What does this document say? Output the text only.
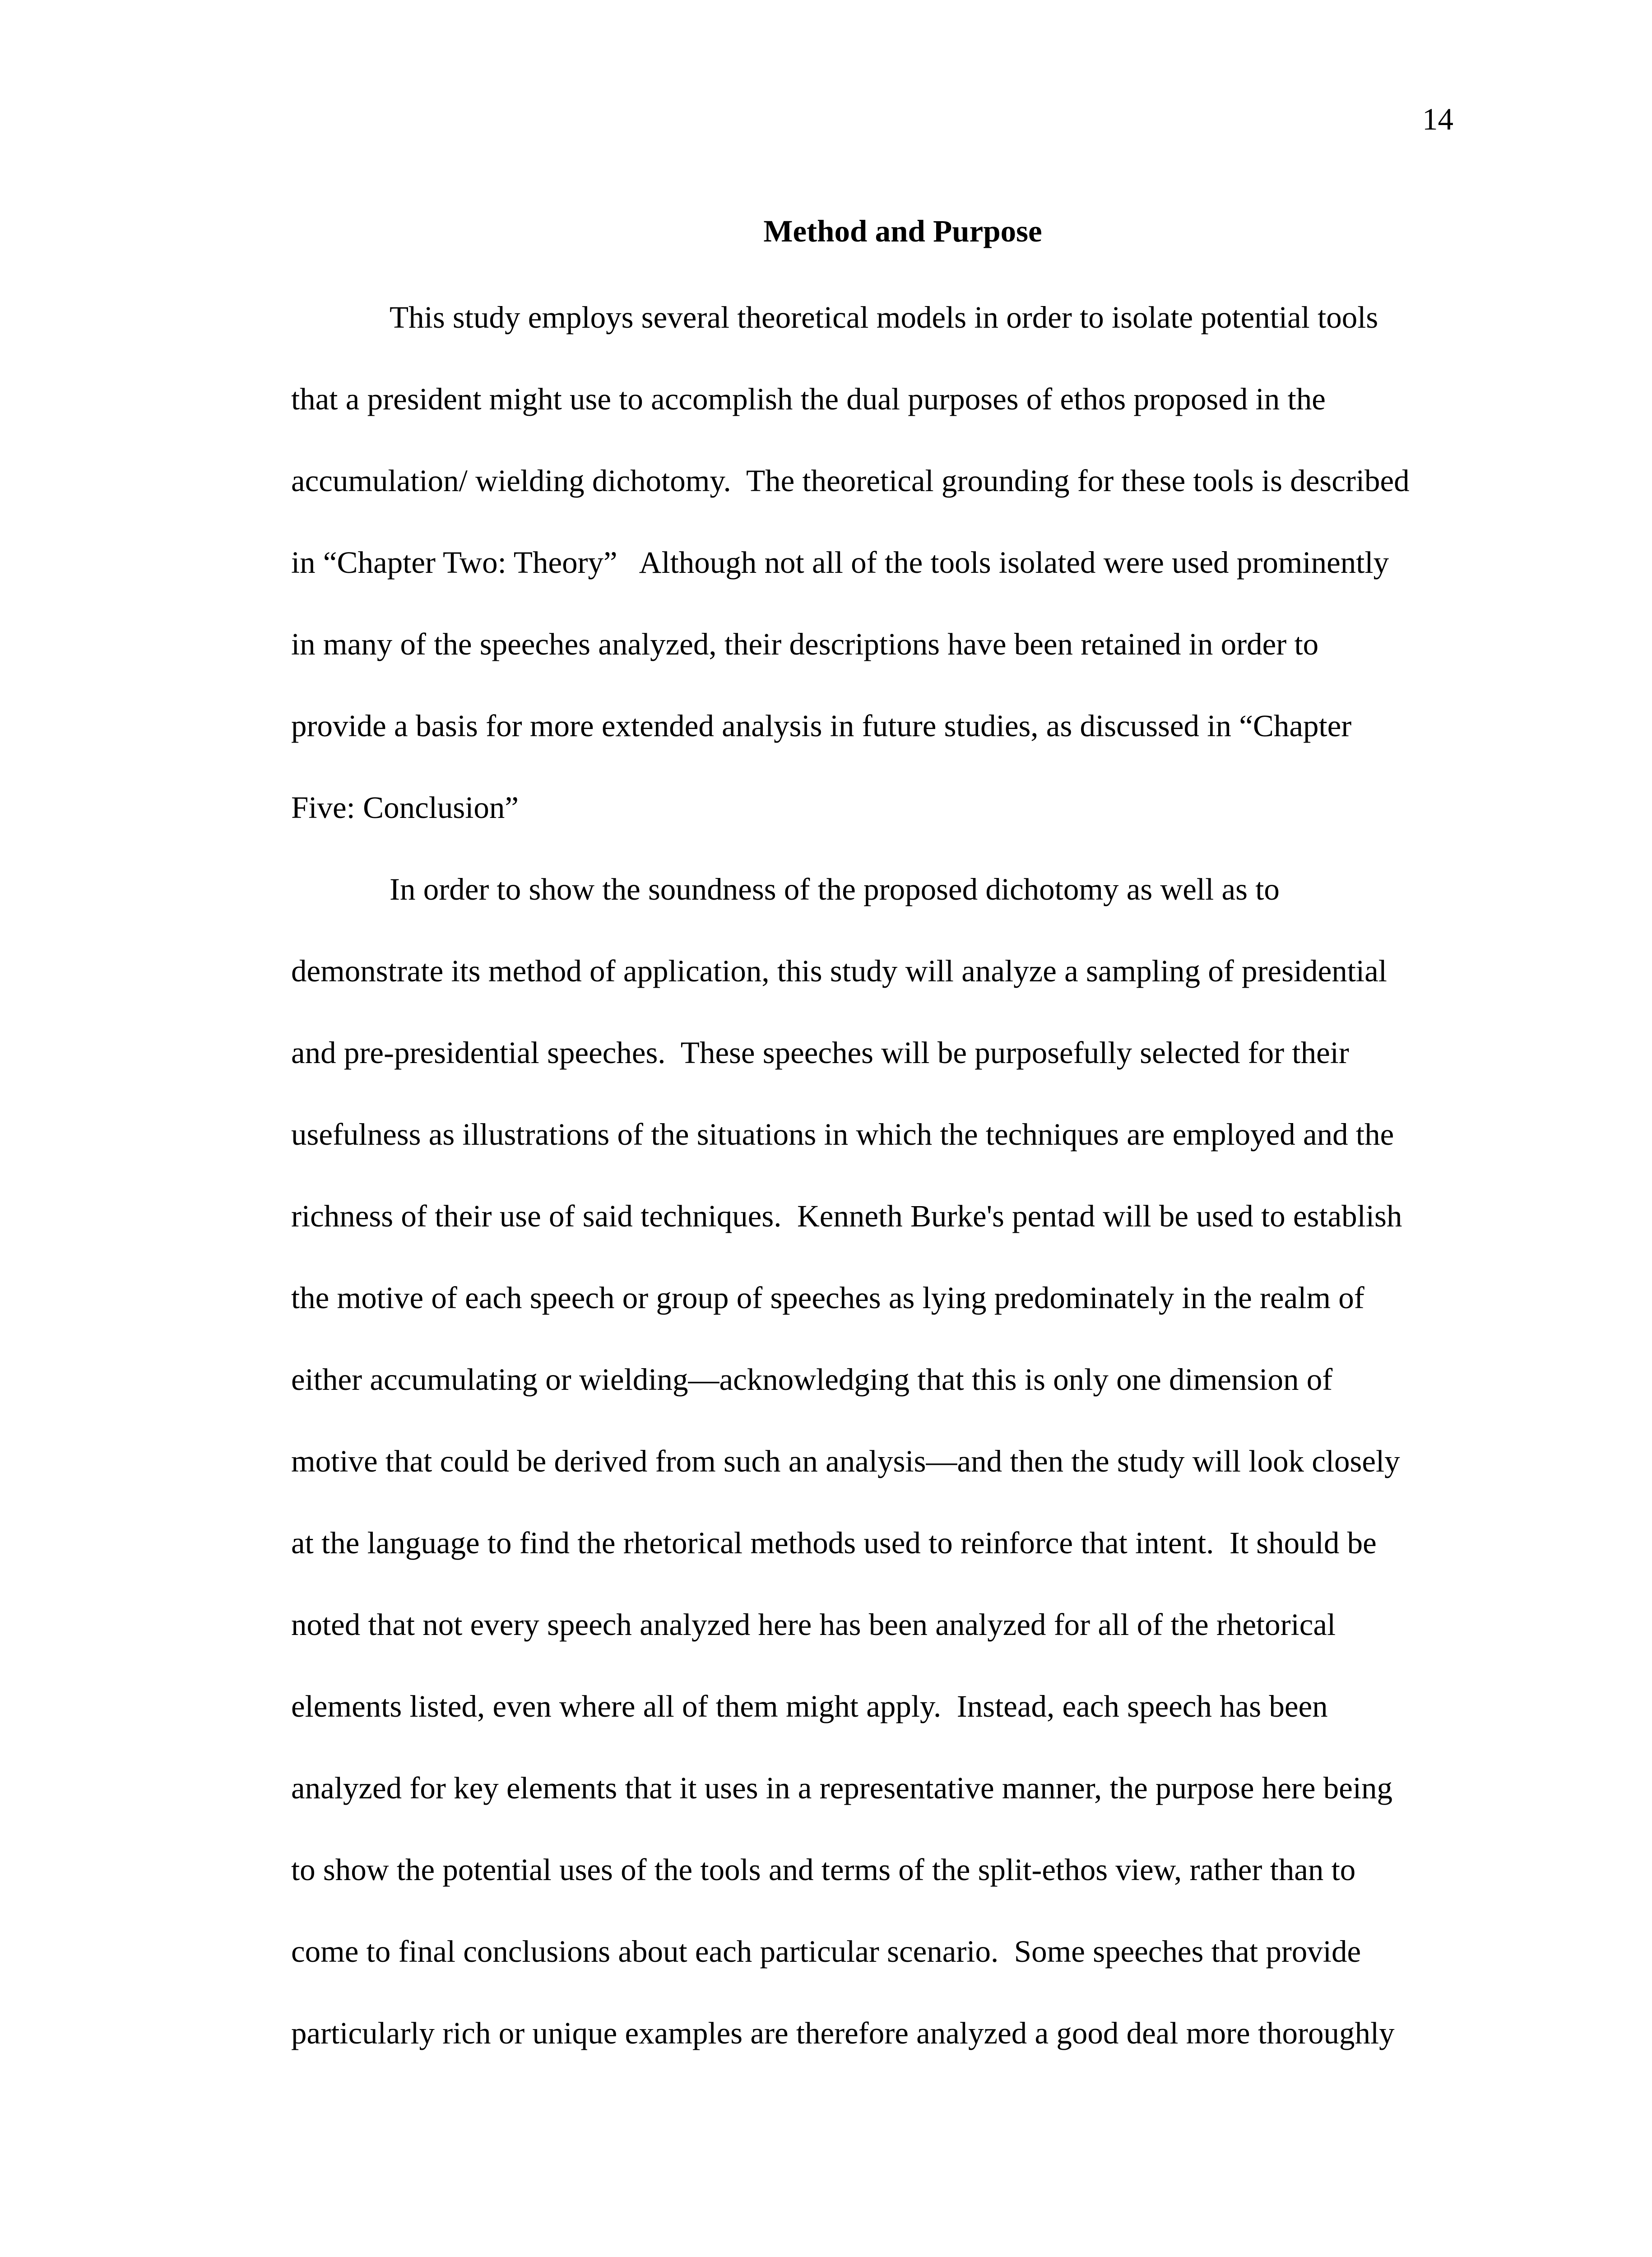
14
Method and Purpose
This study employs several theoretical models in order to isolate potential tools
that a president might use to accomplish the dual purposes of ethos proposed in the
accumulation/ wielding dichotomy.  The theoretical grounding for these tools is described
in “Chapter Two: Theory”   Although not all of the tools isolated were used prominently
in many of the speeches analyzed, their descriptions have been retained in order to
provide a basis for more extended analysis in future studies, as discussed in “Chapter
Five: Conclusion”
In order to show the soundness of the proposed dichotomy as well as to
demonstrate its method of application, this study will analyze a sampling of presidential
and pre-presidential speeches.  These speeches will be purposefully selected for their
usefulness as illustrations of the situations in which the techniques are employed and the
richness of their use of said techniques.  Kenneth Burke's pentad will be used to establish
the motive of each speech or group of speeches as lying predominately in the realm of
either accumulating or wielding—acknowledging that this is only one dimension of
motive that could be derived from such an analysis—and then the study will look closely
at the language to find the rhetorical methods used to reinforce that intent.  It should be
noted that not every speech analyzed here has been analyzed for all of the rhetorical
elements listed, even where all of them might apply.  Instead, each speech has been
analyzed for key elements that it uses in a representative manner, the purpose here being
to show the potential uses of the tools and terms of the split-ethos view, rather than to
come to final conclusions about each particular scenario.  Some speeches that provide
particularly rich or unique examples are therefore analyzed a good deal more thoroughly
